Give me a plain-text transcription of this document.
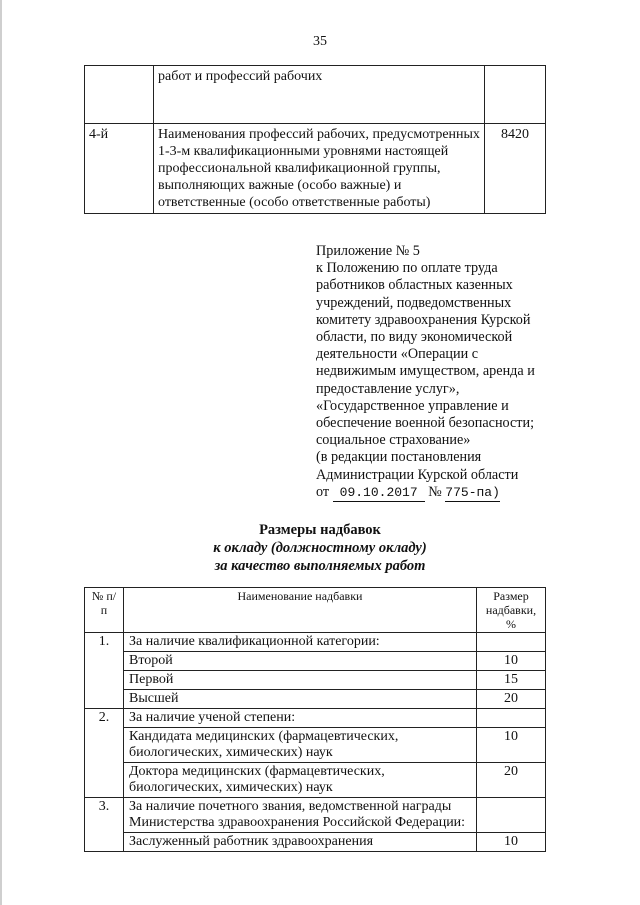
35
	работ и профессий рабочих	
4-й	Наименования профессий рабочих, предусмотренных 1-3-м квалификационными уровнями настоящей профессиональной квалификационной группы, выполняющих важные (особо важные) и ответственные (особо ответственные работы)	8420
Приложение № 5
к Положению по оплате труда
работников областных казенных
учреждений, подведомственных
комитету здравоохранения Курской
области, по виду экономической
деятельности «Операции с
недвижимым имуществом, аренда и
предоставление услуг»,
«Государственное управление и
обеспечение военной безопасности;
социальное страхование»
(в редакции постановления
Администрации Курской области
от 09.10.2017 № 775-па)
Размеры надбавок
к окладу (должностному окладу)
за качество выполняемых работ
№ п/п	Наименование надбавки	Размер надбавки, %
1.	За наличие квалификационной категории:	
	Второй	10
	Первой	15
	Высшей	20
2.	За наличие ученой степени:	
	Кандидата медицинских (фармацевтических, биологических, химических) наук	10
	Доктора медицинских (фармацевтических, биологических, химических) наук	20
3.	За наличие почетного звания, ведомственной награды Министерства здравоохранения Российской Федерации:	
	Заслуженный работник здравоохранения	10
